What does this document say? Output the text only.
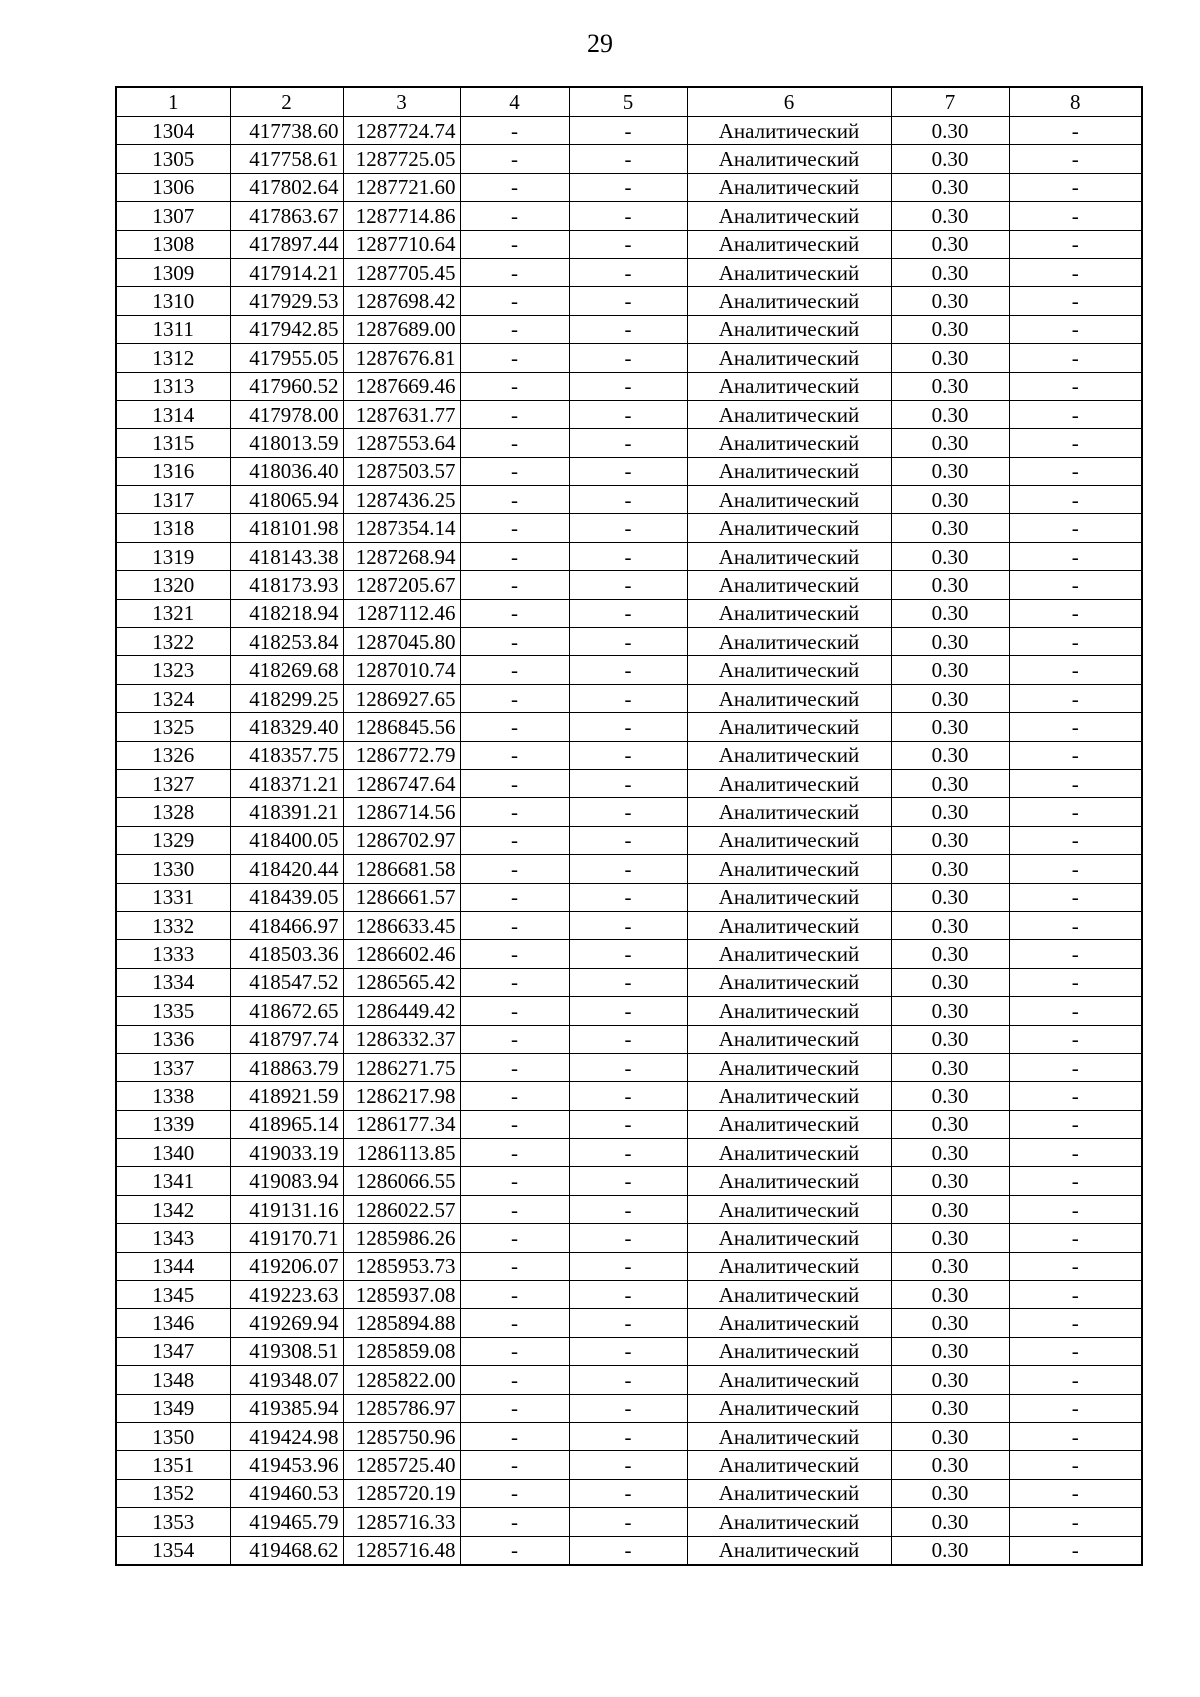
29
1	2	3	4	5	6	7	8
1304	417738.60	1287724.74	-	-	Аналитический	0.30	-
1305	417758.61	1287725.05	-	-	Аналитический	0.30	-
1306	417802.64	1287721.60	-	-	Аналитический	0.30	-
1307	417863.67	1287714.86	-	-	Аналитический	0.30	-
1308	417897.44	1287710.64	-	-	Аналитический	0.30	-
1309	417914.21	1287705.45	-	-	Аналитический	0.30	-
1310	417929.53	1287698.42	-	-	Аналитический	0.30	-
1311	417942.85	1287689.00	-	-	Аналитический	0.30	-
1312	417955.05	1287676.81	-	-	Аналитический	0.30	-
1313	417960.52	1287669.46	-	-	Аналитический	0.30	-
1314	417978.00	1287631.77	-	-	Аналитический	0.30	-
1315	418013.59	1287553.64	-	-	Аналитический	0.30	-
1316	418036.40	1287503.57	-	-	Аналитический	0.30	-
1317	418065.94	1287436.25	-	-	Аналитический	0.30	-
1318	418101.98	1287354.14	-	-	Аналитический	0.30	-
1319	418143.38	1287268.94	-	-	Аналитический	0.30	-
1320	418173.93	1287205.67	-	-	Аналитический	0.30	-
1321	418218.94	1287112.46	-	-	Аналитический	0.30	-
1322	418253.84	1287045.80	-	-	Аналитический	0.30	-
1323	418269.68	1287010.74	-	-	Аналитический	0.30	-
1324	418299.25	1286927.65	-	-	Аналитический	0.30	-
1325	418329.40	1286845.56	-	-	Аналитический	0.30	-
1326	418357.75	1286772.79	-	-	Аналитический	0.30	-
1327	418371.21	1286747.64	-	-	Аналитический	0.30	-
1328	418391.21	1286714.56	-	-	Аналитический	0.30	-
1329	418400.05	1286702.97	-	-	Аналитический	0.30	-
1330	418420.44	1286681.58	-	-	Аналитический	0.30	-
1331	418439.05	1286661.57	-	-	Аналитический	0.30	-
1332	418466.97	1286633.45	-	-	Аналитический	0.30	-
1333	418503.36	1286602.46	-	-	Аналитический	0.30	-
1334	418547.52	1286565.42	-	-	Аналитический	0.30	-
1335	418672.65	1286449.42	-	-	Аналитический	0.30	-
1336	418797.74	1286332.37	-	-	Аналитический	0.30	-
1337	418863.79	1286271.75	-	-	Аналитический	0.30	-
1338	418921.59	1286217.98	-	-	Аналитический	0.30	-
1339	418965.14	1286177.34	-	-	Аналитический	0.30	-
1340	419033.19	1286113.85	-	-	Аналитический	0.30	-
1341	419083.94	1286066.55	-	-	Аналитический	0.30	-
1342	419131.16	1286022.57	-	-	Аналитический	0.30	-
1343	419170.71	1285986.26	-	-	Аналитический	0.30	-
1344	419206.07	1285953.73	-	-	Аналитический	0.30	-
1345	419223.63	1285937.08	-	-	Аналитический	0.30	-
1346	419269.94	1285894.88	-	-	Аналитический	0.30	-
1347	419308.51	1285859.08	-	-	Аналитический	0.30	-
1348	419348.07	1285822.00	-	-	Аналитический	0.30	-
1349	419385.94	1285786.97	-	-	Аналитический	0.30	-
1350	419424.98	1285750.96	-	-	Аналитический	0.30	-
1351	419453.96	1285725.40	-	-	Аналитический	0.30	-
1352	419460.53	1285720.19	-	-	Аналитический	0.30	-
1353	419465.79	1285716.33	-	-	Аналитический	0.30	-
1354	419468.62	1285716.48	-	-	Аналитический	0.30	-
